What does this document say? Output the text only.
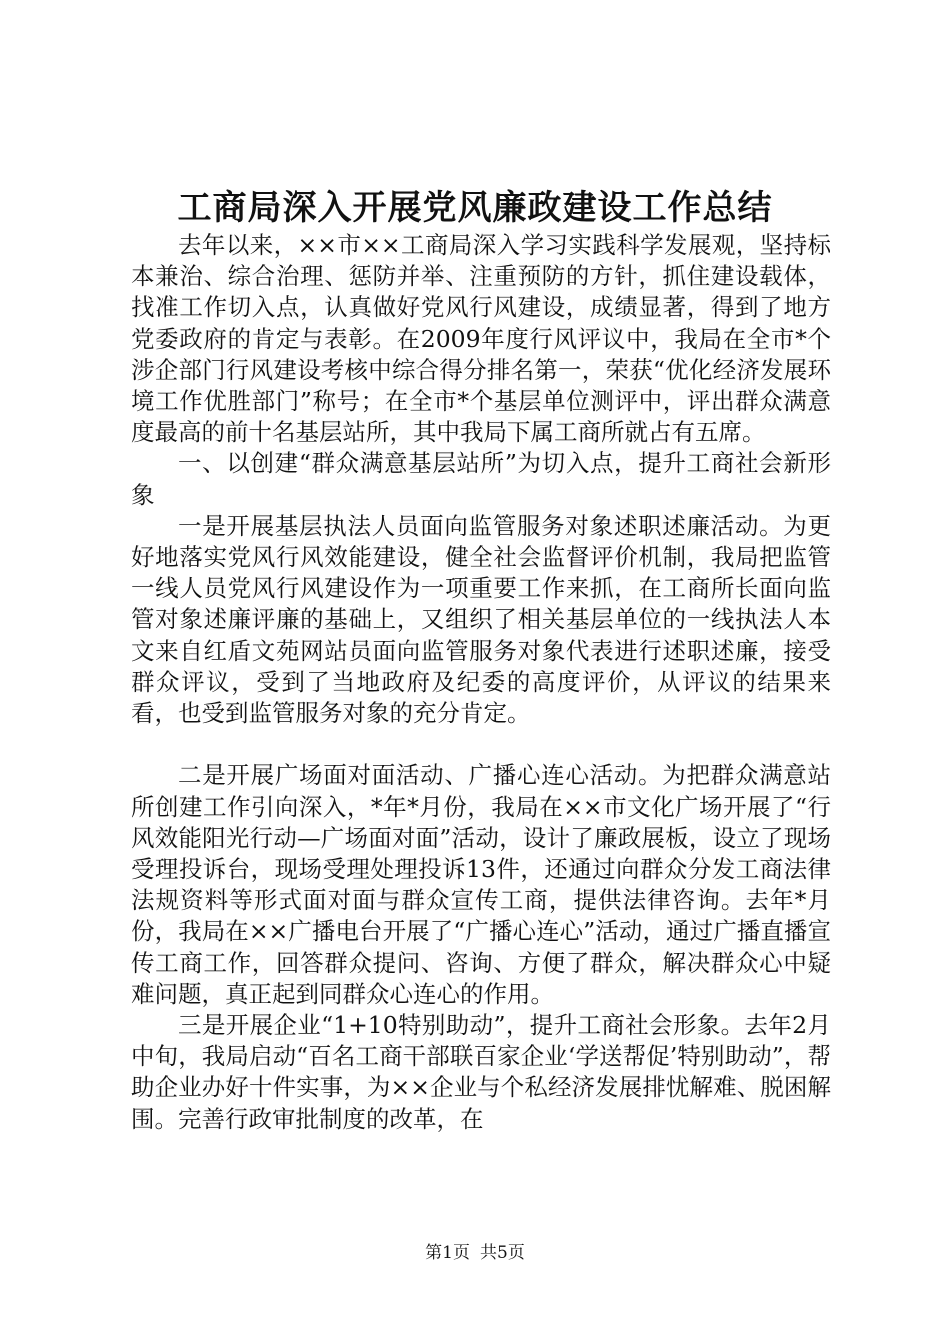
工商局深入开展党风廉政建设工作总结

去年以来，××市××工商局深入学习实践科学发展观，坚持标本兼治、综合治理、惩防并举、注重预防的方针，抓住建设载体，找准工作切入点，认真做好党风行风建设，成绩显著，得到了地方党委政府的肯定与表彰。在2009年度行风评议中，我局在全市*个涉企部门行风建设考核中综合得分排名第一，荣获“优化经济发展环境工作优胜部门”称号；在全市*个基层单位测评中，评出群众满意度最高的前十名基层站所，其中我局下属工商所就占有五席。

一、以创建“群众满意基层站所”为切入点，提升工商社会新形象

一是开展基层执法人员面向监管服务对象述职述廉活动。为更好地落实党风行风效能建设，健全社会监督评价机制，我局把监管一线人员党风行风建设作为一项重要工作来抓，在工商所长面向监管对象述廉评廉的基础上，又组织了相关基层单位的一线执法人本文来自红盾文苑网站员面向监管服务对象代表进行述职述廉，接受群众评议，受到了当地政府及纪委的高度评价，从评议的结果来看，也受到监管服务对象的充分肯定。

二是开展广场面对面活动、广播心连心活动。为把群众满意站所创建工作引向深入，*年*月份，我局在××市文化广场开展了“行风效能阳光行动—广场面对面”活动，设计了廉政展板，设立了现场受理投诉台，现场受理处理投诉13件，还通过向群众分发工商法律法规资料等形式面对面与群众宣传工商，提供法律咨询。去年*月份，我局在××广播电台开展了“广播心连心”活动，通过广播直播宣传工商工作，回答群众提问、咨询、方便了群众，解决群众心中疑难问题，真正起到同群众心连心的作用。

三是开展企业“1+10特别助动”，提升工商社会形象。去年2月中旬，我局启动“百名工商干部联百家企业‘学送帮促’特别助动”，帮助企业办好十件实事，为××企业与个私经济发展排忧解难、脱困解围。完善行政审批制度的改革，在

第1页 共5页
